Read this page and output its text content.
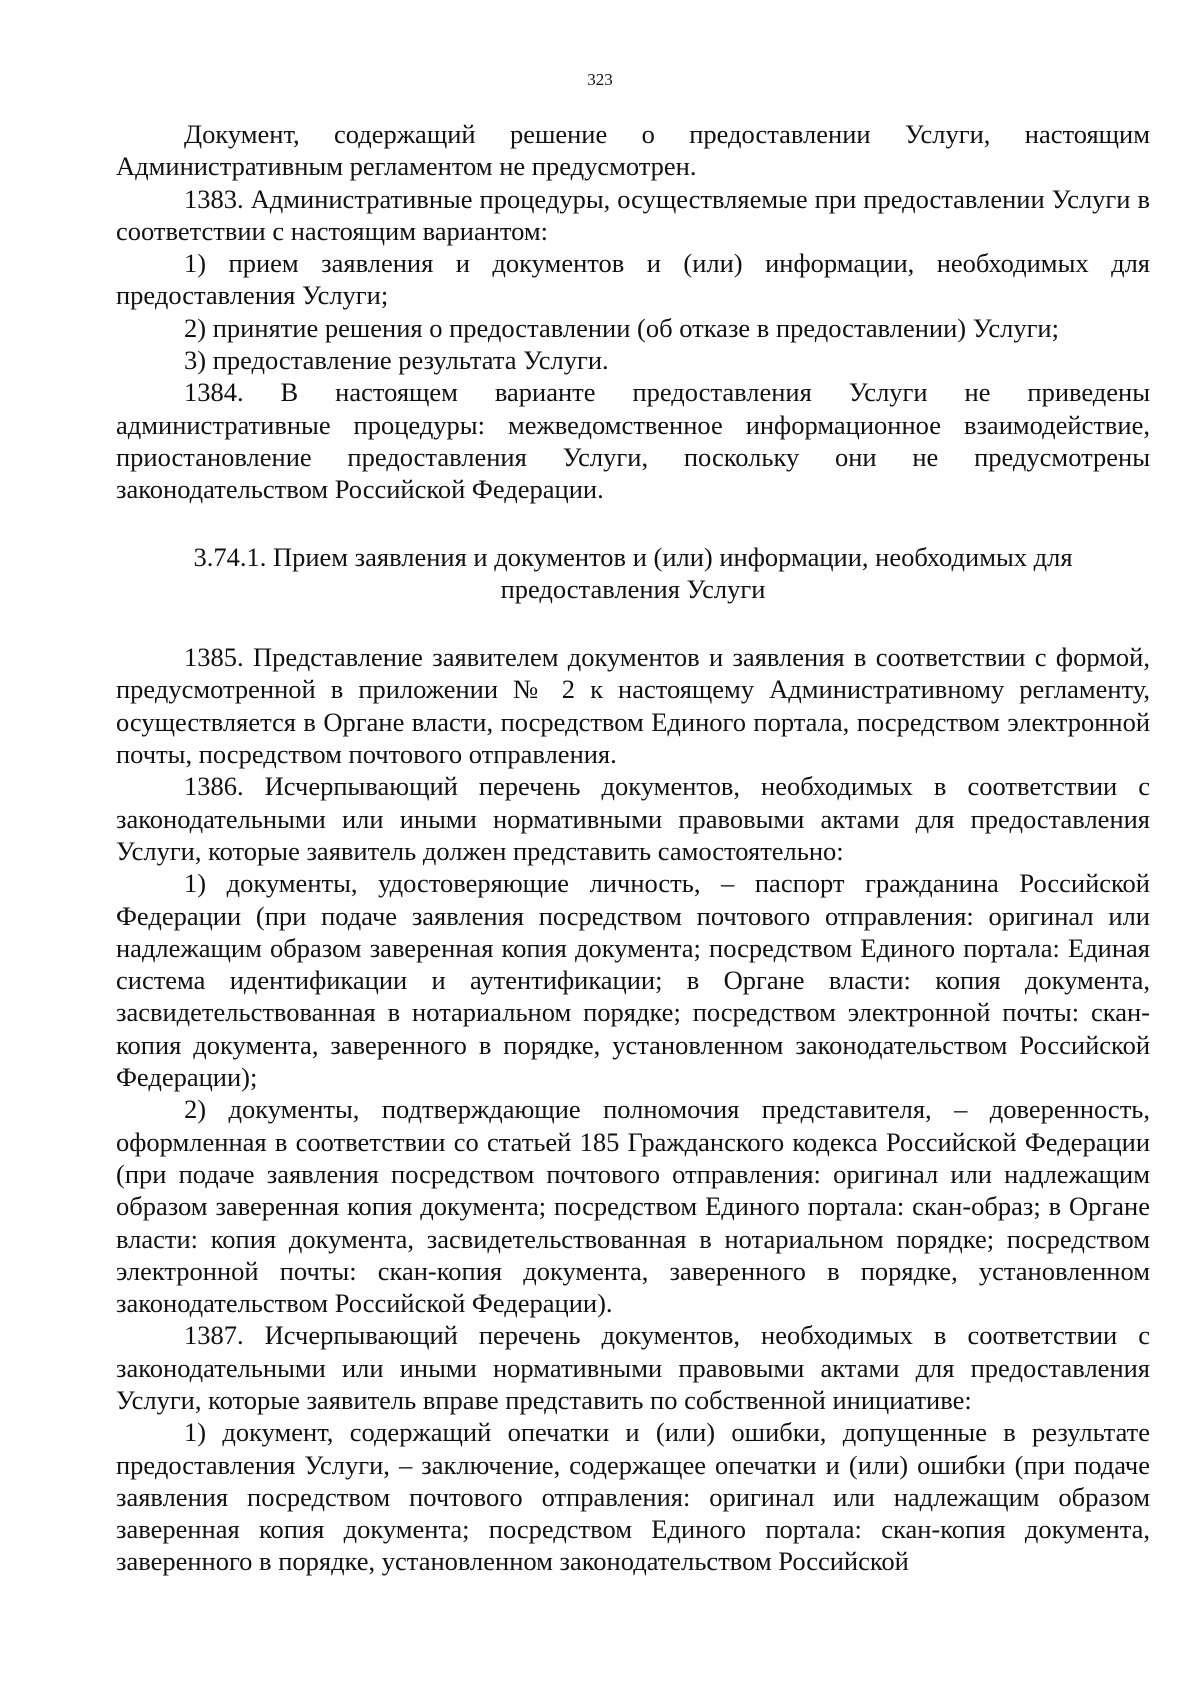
323

Документ, содержащий решение о предоставлении Услуги, настоящим Административным регламентом не предусмотрен.

1383. Административные процедуры, осуществляемые при предоставлении Услуги в соответствии с настоящим вариантом:

1) прием заявления и документов и (или) информации, необходимых для предоставления Услуги;

2) принятие решения о предоставлении (об отказе в предоставлении) Услуги;

3) предоставление результата Услуги.

1384. В настоящем варианте предоставления Услуги не приведены административные процедуры: межведомственное информационное взаимодействие, приостановление предоставления Услуги, поскольку они не предусмотрены законодательством Российской Федерации.

3.74.1. Прием заявления и документов и (или) информации, необходимых для предоставления Услуги

1385. Представление заявителем документов и заявления в соответствии с формой, предусмотренной в приложении № 2 к настоящему Административному регламенту, осуществляется в Органе власти, посредством Единого портала, посредством электронной почты, посредством почтового отправления.

1386. Исчерпывающий перечень документов, необходимых в соответствии с законодательными или иными нормативными правовыми актами для предоставления Услуги, которые заявитель должен представить самостоятельно:

1) документы, удостоверяющие личность, – паспорт гражданина Российской Федерации (при подаче заявления посредством почтового отправления: оригинал или надлежащим образом заверенная копия документа; посредством Единого портала: Единая система идентификации и аутентификации; в Органе власти: копия документа, засвидетельствованная в нотариальном порядке; посредством электронной почты: скан-копия документа, заверенного в порядке, установленном законодательством Российской Федерации);

2) документы, подтверждающие полномочия представителя, – доверенность, оформленная в соответствии со статьей 185 Гражданского кодекса Российской Федерации (при подаче заявления посредством почтового отправления: оригинал или надлежащим образом заверенная копия документа; посредством Единого портала: скан-образ; в Органе власти: копия документа, засвидетельствованная в нотариальном порядке; посредством электронной почты: скан-копия документа, заверенного в порядке, установленном законодательством Российской Федерации).

1387. Исчерпывающий перечень документов, необходимых в соответствии с законодательными или иными нормативными правовыми актами для предоставления Услуги, которые заявитель вправе представить по собственной инициативе:

1) документ, содержащий опечатки и (или) ошибки, допущенные в результате предоставления Услуги, – заключение, содержащее опечатки и (или) ошибки (при подаче заявления посредством почтового отправления: оригинал или надлежащим образом заверенная копия документа; посредством Единого портала: скан-копия документа, заверенного в порядке, установленном законодательством Российской
